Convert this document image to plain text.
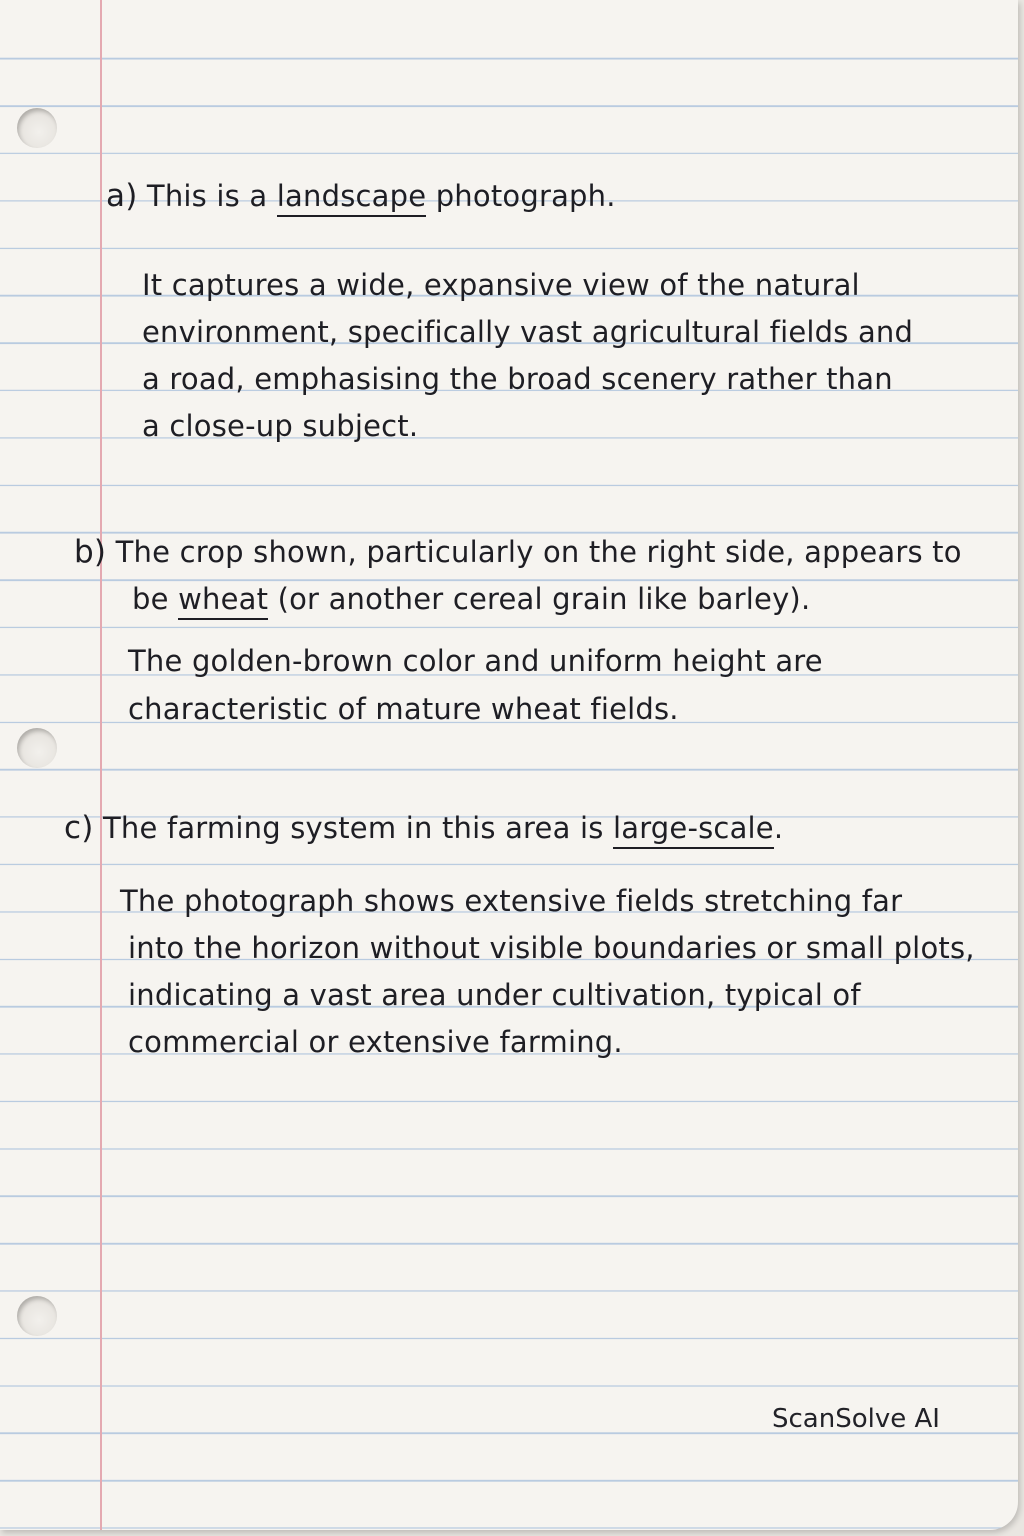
a) This is a landscape photograph.
It captures a wide, expansive view of the natural
environment, specifically vast agricultural fields and
a road, emphasising the broad scenery rather than
a close-up subject.
b) The crop shown, particularly on the right side, appears to
be wheat (or another cereal grain like barley).
The golden-brown color and uniform height are
characteristic of mature wheat fields.
c) The farming system in this area is large-scale.
The photograph shows extensive fields stretching far
into the horizon without visible boundaries or small plots,
indicating a vast area under cultivation, typical of
commercial or extensive farming.
ScanSolve AI
